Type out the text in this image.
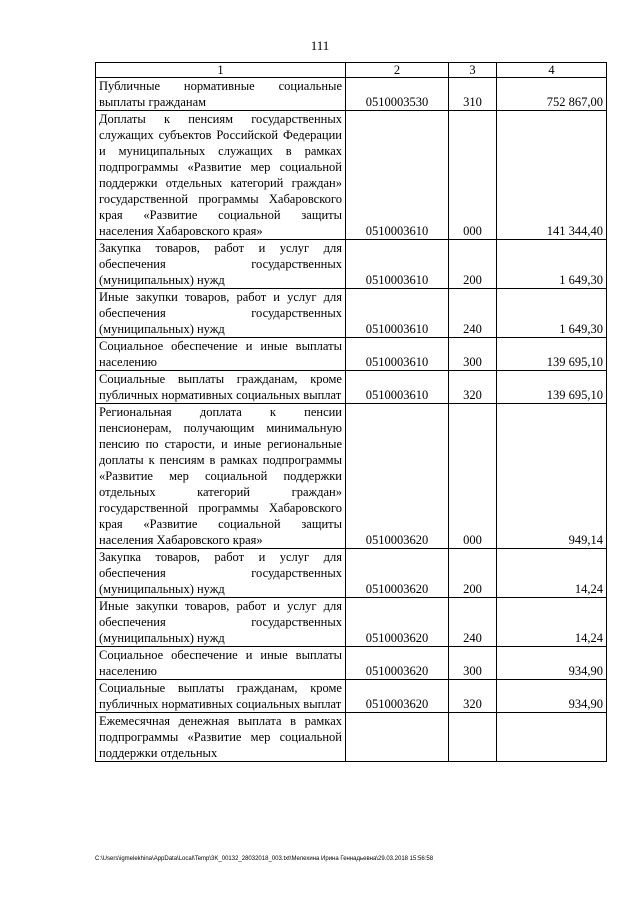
111
1	2	3	4
Публичные нормативные социальные выплаты гражданам	0510003530	310	752 867,00
Доплаты к пенсиям государственных служащих субъектов Российской Федерации и муниципальных служащих в рамках подпрограммы «Развитие мер социальной поддержки отдельных категорий граждан» государственной программы Хабаровского края «Развитие социальной защиты населения Хабаровского края»	0510003610	000	141 344,40
Закупка товаров, работ и услуг для обеспечения государственных (муниципальных) нужд	0510003610	200	1 649,30
Иные закупки товаров, работ и услуг для обеспечения государственных (муниципальных) нужд	0510003610	240	1 649,30
Социальное обеспечение и иные выплаты населению	0510003610	300	139 695,10
Социальные выплаты гражданам, кроме публичных нормативных социальных выплат	0510003610	320	139 695,10
Региональная доплата к пенсии пенсионерам, получающим минимальную пенсию по старости, и иные региональные доплаты к пенсиям в рамках подпрограммы «Развитие мер социальной поддержки отдельных категорий граждан» государственной программы Хабаровского края «Развитие социальной защиты населения Хабаровского края»	0510003620	000	949,14
Закупка товаров, работ и услуг для обеспечения государственных (муниципальных) нужд	0510003620	200	14,24
Иные закупки товаров, работ и услуг для обеспечения государственных (муниципальных) нужд	0510003620	240	14,24
Социальное обеспечение и иные выплаты населению	0510003620	300	934,90
Социальные выплаты гражданам, кроме публичных нормативных социальных выплат	0510003620	320	934,90
Ежемесячная денежная выплата в рамках подпрограммы «Развитие мер социальной поддержки отдельных			
C:\Users\igmelekhina\AppData\Local\Temp\3K_00132_28032018_003.txt\Мелехина Ирина Геннадьевна\29.03.2018 15:56:58
